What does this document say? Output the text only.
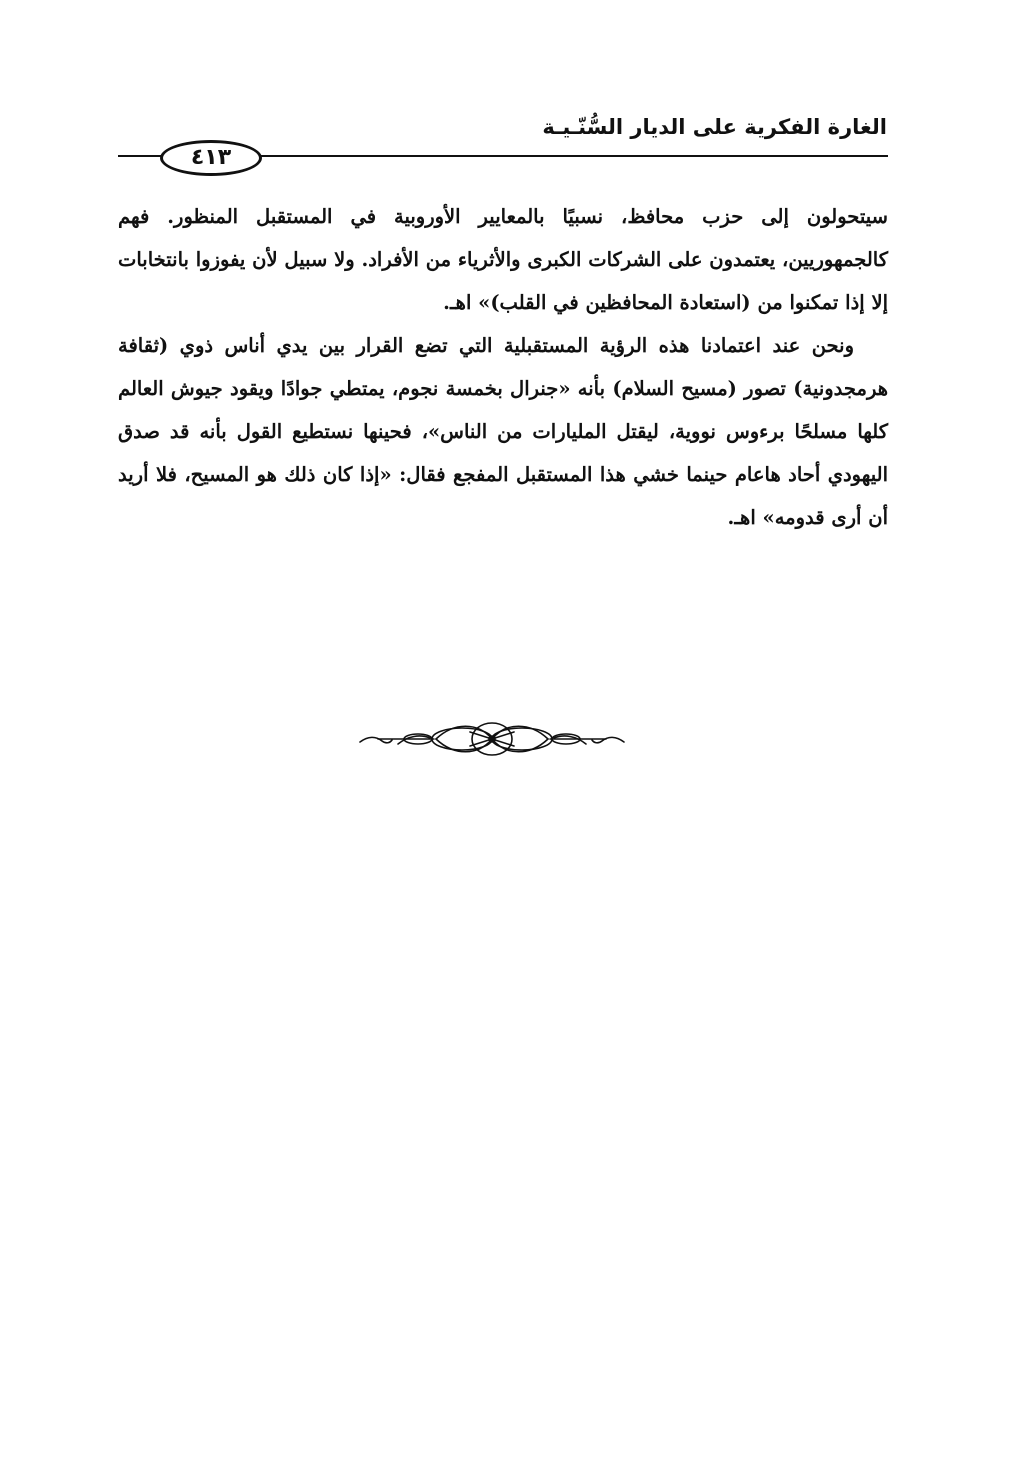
الغارة الفكرية على الديار السُّنّـيـة
٤١٣

سيتحولون إلى حزب محافظ، نسبيًا بالمعايير الأوروبية في المستقبل المنظور. فهم كالجمهوريين، يعتمدون على الشركات الكبرى والأثرياء من الأفراد. ولا سبيل لأن يفوزوا بانتخابات إلا إذا تمكنوا من (استعادة المحافظين في القلب)» اهـ.

ونحن عند اعتمادنا هذه الرؤية المستقبلية التي تضع القرار بين يدي أناس ذوي (ثقافة هرمجدونية) تصور (مسيح السلام) بأنه «جنرال بخمسة نجوم، يمتطي جوادًا ويقود جيوش العالم كلها مسلحًا برءوس نووية، ليقتل المليارات من الناس»، فحينها نستطيع القول بأنه قد صدق اليهودي أحاد هاعام حينما خشي هذا المستقبل المفجع فقال: «إذا كان ذلك هو المسيح، فلا أريد أن أرى قدومه» اهـ.
